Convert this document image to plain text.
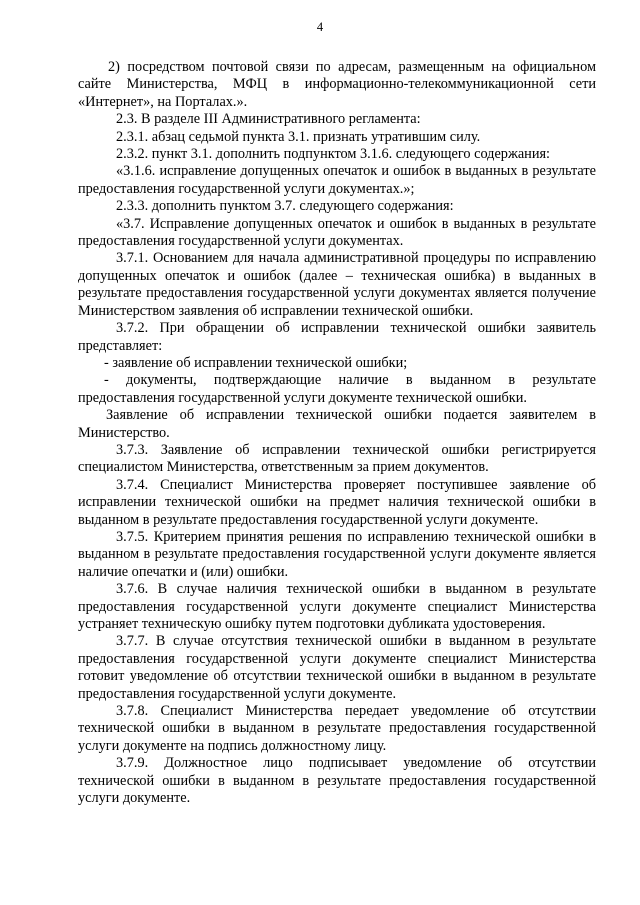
4

2) посредством почтовой связи по адресам, размещенным на официальном сайте Министерства, МФЦ в информационно-телекоммуникационной сети «Интернет», на Порталах.».

2.3. В разделе III Административного регламента:

2.3.1. абзац седьмой пункта 3.1. признать утратившим силу.

2.3.2. пункт 3.1. дополнить подпунктом 3.1.6. следующего содержания:

«3.1.6. исправление допущенных опечаток и ошибок в выданных в результате предоставления государственной услуги документах.»;

2.3.3. дополнить пунктом 3.7. следующего содержания:

«3.7. Исправление допущенных опечаток и ошибок в выданных в результате предоставления государственной услуги документах.

3.7.1. Основанием для начала административной процедуры по исправлению допущенных опечаток и ошибок (далее – техническая ошибка) в выданных в результате предоставления государственной услуги документах является получение Министерством заявления об исправлении технической ошибки.

3.7.2. При обращении об исправлении технической ошибки заявитель представляет:

- заявление об исправлении технической ошибки;

- документы, подтверждающие наличие в выданном в результате предоставления государственной услуги документе технической ошибки.

Заявление об исправлении технической ошибки подается заявителем в Министерство.

3.7.3. Заявление об исправлении технической ошибки регистрируется специалистом Министерства, ответственным за прием документов.

3.7.4. Специалист Министерства проверяет поступившее заявление об исправлении технической ошибки на предмет наличия технической ошибки в выданном в результате предоставления государственной услуги документе.

3.7.5. Критерием принятия решения по исправлению технической ошибки в выданном в результате предоставления государственной услуги документе является наличие опечатки и (или) ошибки.

3.7.6. В случае наличия технической ошибки в выданном в результате предоставления государственной услуги документе специалист Министерства устраняет техническую ошибку путем подготовки дубликата удостоверения.

3.7.7. В случае отсутствия технической ошибки в выданном в результате предоставления государственной услуги документе специалист Министерства готовит уведомление об отсутствии технической ошибки в выданном в результате предоставления государственной услуги документе.

3.7.8. Специалист Министерства передает уведомление об отсутствии технической ошибки в выданном в результате предоставления государственной услуги документе на подпись должностному лицу.

3.7.9. Должностное лицо подписывает уведомление об отсутствии технической ошибки в выданном в результате предоставления государственной услуги документе.
